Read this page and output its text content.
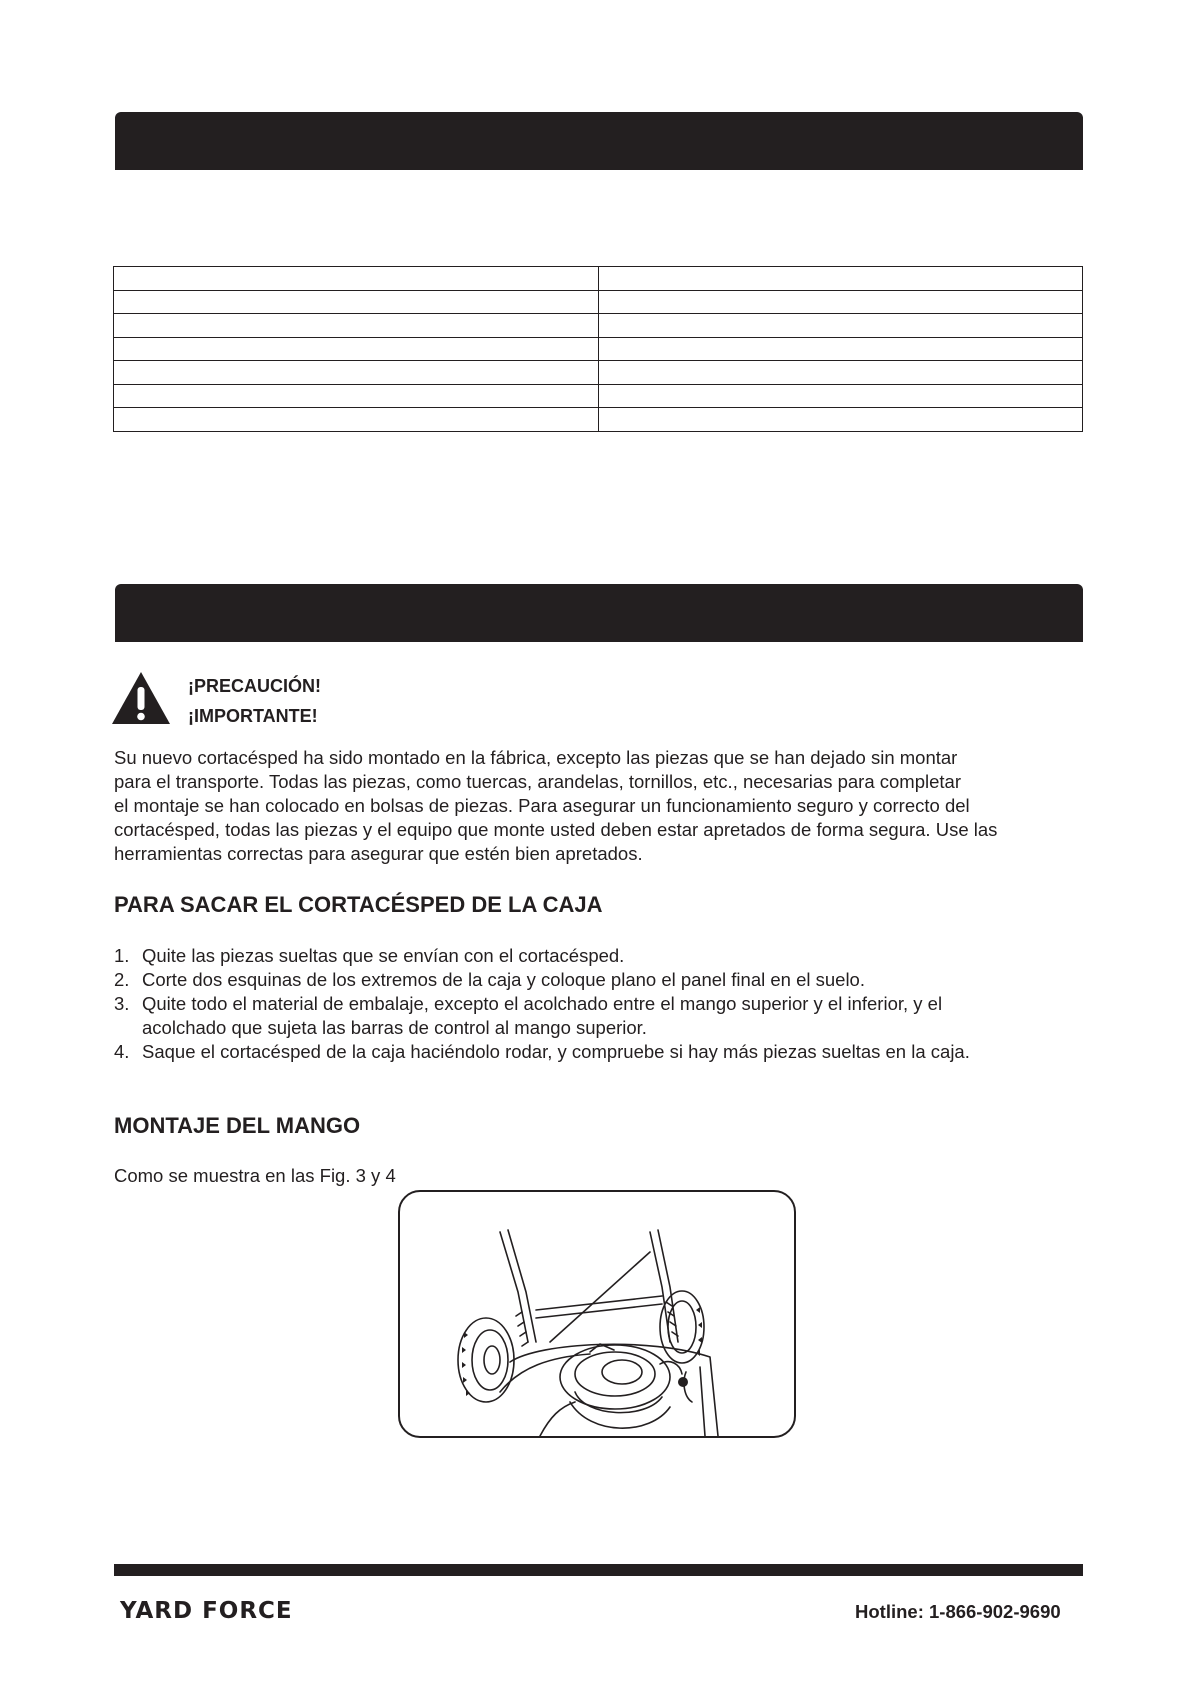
¡PRECAUCIÓN!
¡IMPORTANTE!
Su nuevo cortacésped ha sido montado en la fábrica, excepto las piezas que se han dejado sin montar
para el transporte. Todas las piezas, como tuercas, arandelas, tornillos, etc., necesarias para completar
el montaje se han colocado en bolsas de piezas. Para asegurar un funcionamiento seguro y correcto del
cortacésped, todas las piezas y el equipo que monte usted deben estar apretados de forma segura. Use las
herramientas correctas para asegurar que estén bien apretados.
PARA SACAR EL CORTACÉSPED DE LA CAJA
1. Quite las piezas sueltas que se envían con el cortacésped.
2. Corte dos esquinas de los extremos de la caja y coloque plano el panel final en el suelo.
3. Quite todo el material de embalaje, excepto el acolchado entre el mango superior y el inferior, y el acolchado que sujeta las barras de control al mango superior.
4. Saque el cortacésped de la caja haciéndolo rodar, y compruebe si hay más piezas sueltas en la caja.
MONTAJE DEL MANGO
Como se muestra en las Fig. 3 y 4
YARD FORCE	Hotline: 1-866-902-9690
